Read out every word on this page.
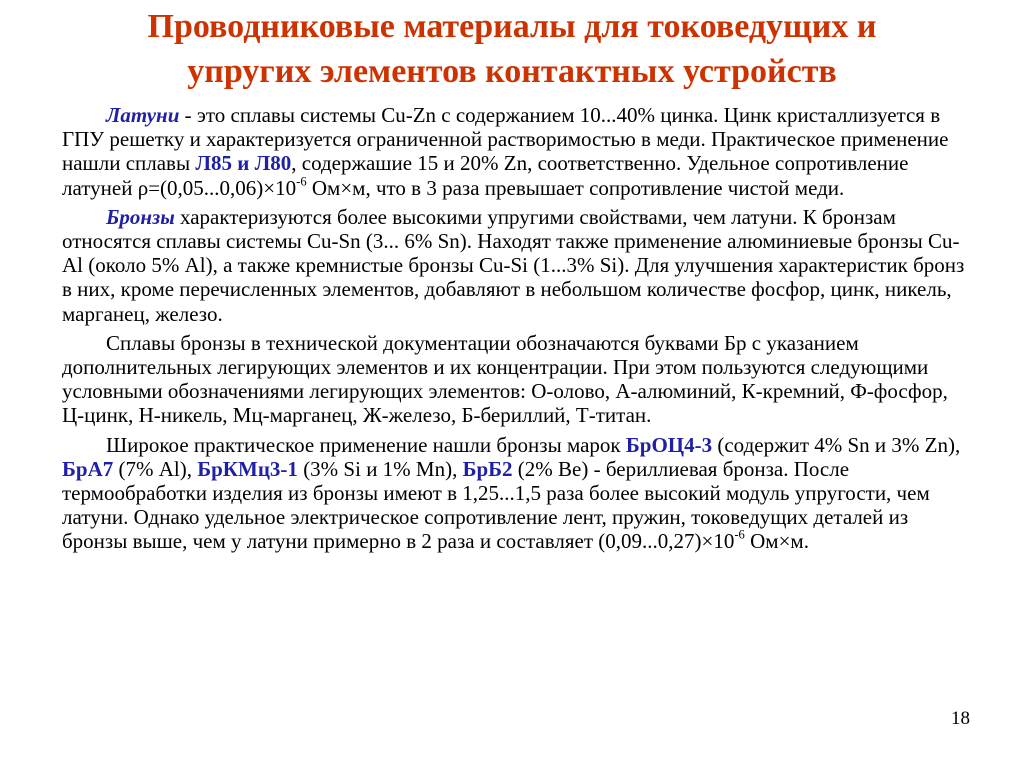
Проводниковые материалы для токоведущих и
упругих элементов контактных устройств

Латуни - это сплавы системы Cu-Zn с содержанием 10...40% цинка. Цинк кристаллизуется в ГПУ решетку и характеризуется ограниченной растворимостью в меди. Практическое применение нашли сплавы Л85 и Л80, содержашие 15 и 20% Zn, соответственно. Удельное сопротивление латуней $\rho=(0,05...0,06)\times 10^{-6}$ Ом×м, что в 3 раза превышает сопротивление чистой меди.

Бронзы характеризуются более высокими упругими свойствами, чем латуни. К бронзам относятся сплавы системы Cu-Sn (3... 6% Sn). Находят также применение алюминиевые бронзы Cu-Al (около 5% Al), а также кремнистые бронзы Cu-Si (1...3% Si). Для улучшения характеристик бронз в них, кроме перечисленных элементов, добавляют в небольшом количестве фосфор, цинк, никель, марганец, железо.

Сплавы бронзы в технической документации обозначаются буквами Бр с указанием дополнительных легирующих элементов и их концентрации. При этом пользуются следующими условными обозначениями легирующих элементов: О-олово, А-алюминий, К-кремний, Ф-фосфор, Ц-цинк, Н-никель, Мц-марганец, Ж-железо, Б-бериллий, Т-титан.

Широкое практическое применение нашли бронзы марок БрОЦ4-3 (содержит 4% Sn и 3% Zn), БрА7 (7% Al), БрКМц3-1 (3% Si и 1% Mn), БрБ2 (2% Be) - бериллиевая бронза. После термообработки изделия из бронзы имеют в 1,25...1,5 раза более высокий модуль упругости, чем латуни. Однако удельное электрическое сопротивление лент, пружин, токоведущих деталей из бронзы выше, чем у латуни примерно в 2 раза и составляет $(0,09...0,27)\times 10^{-6}$ Ом×м.

18
